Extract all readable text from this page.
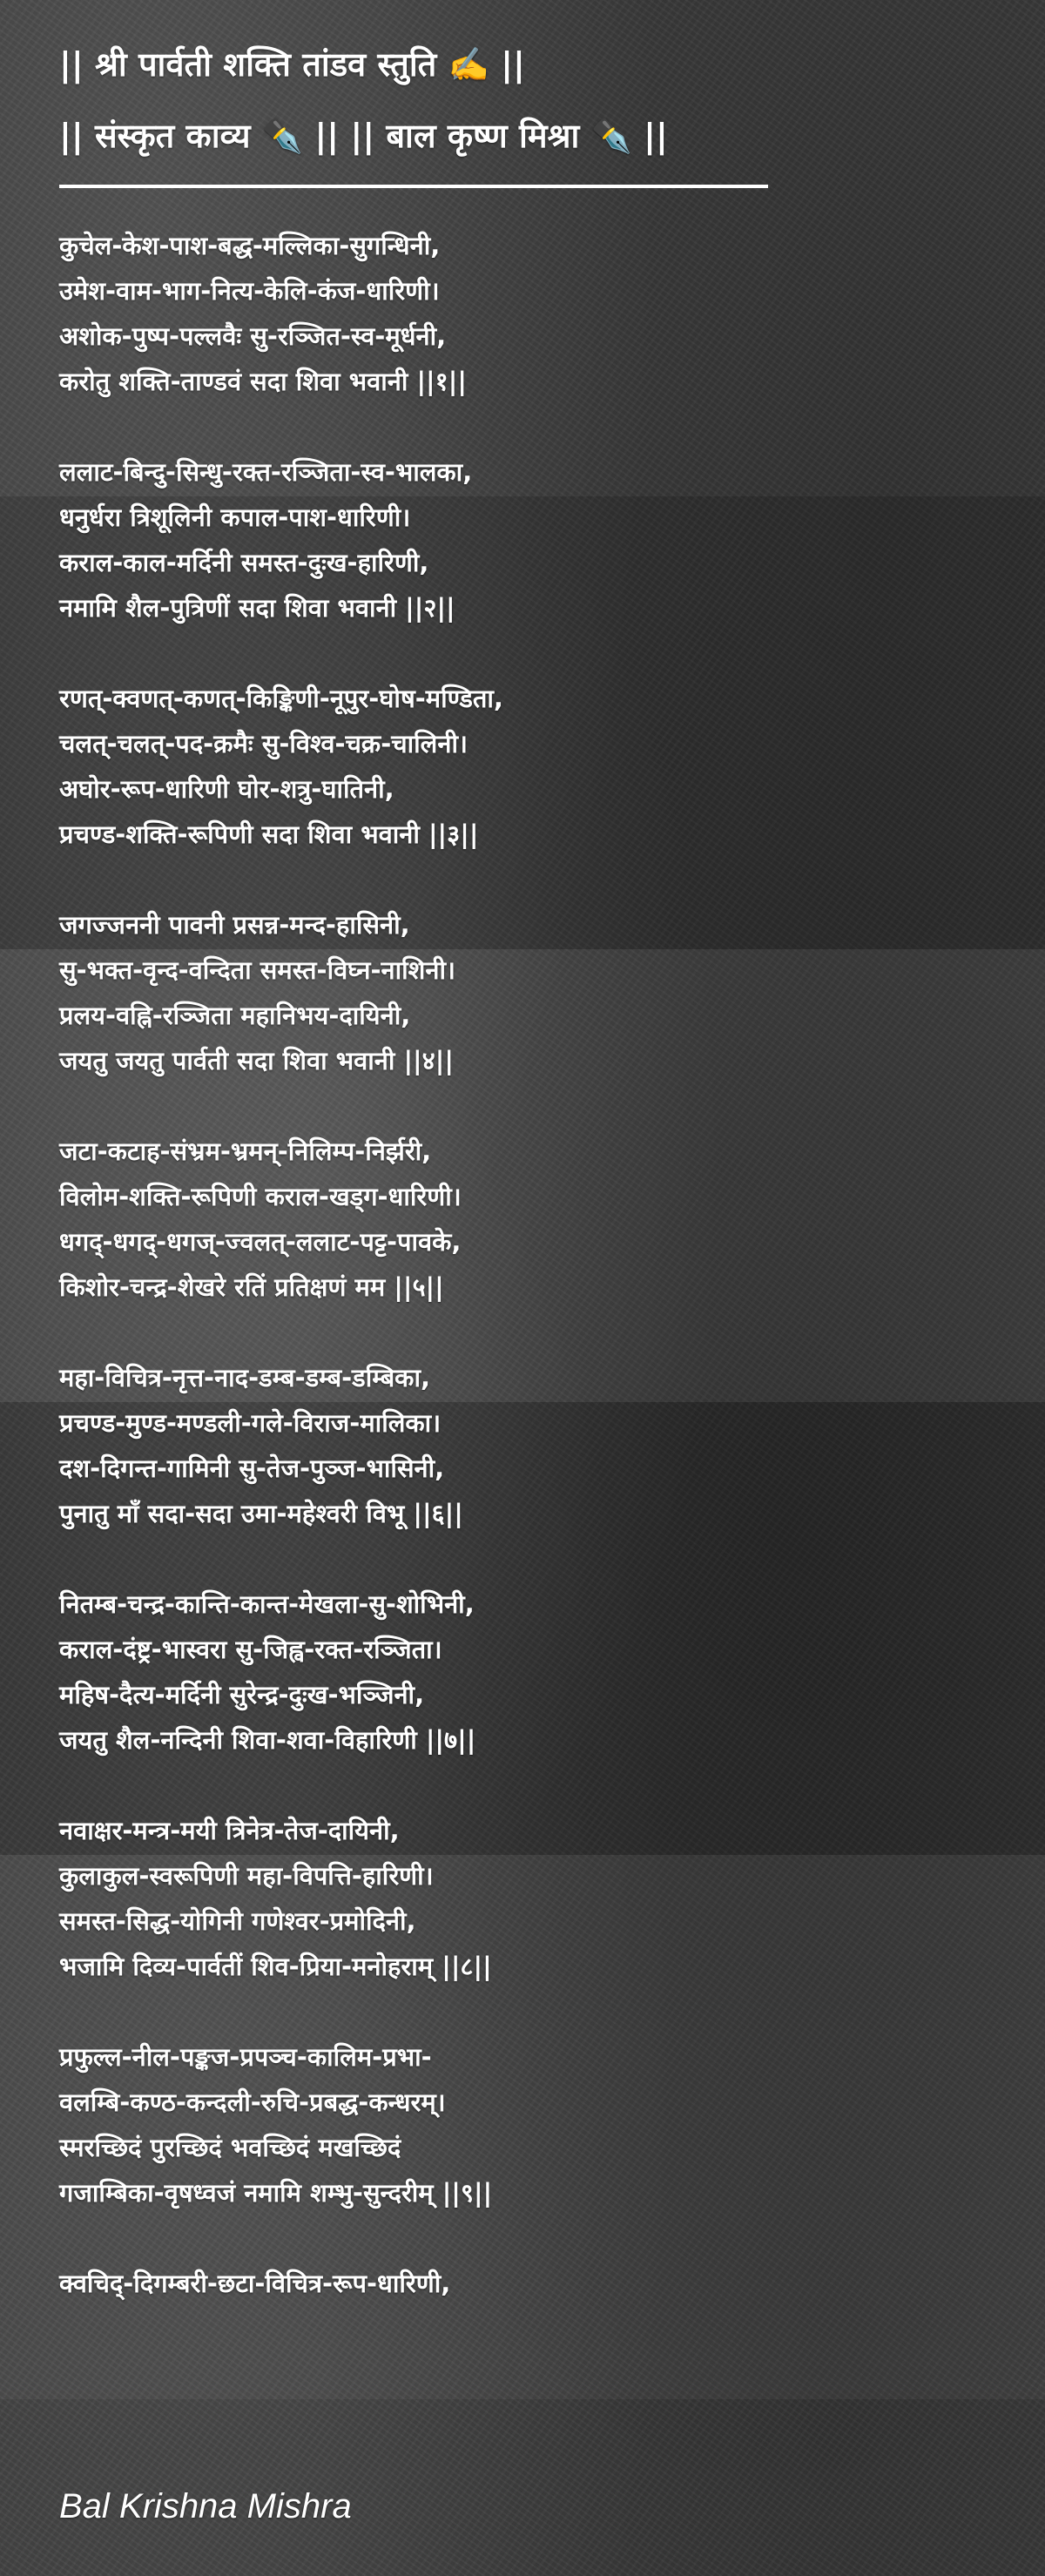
|| श्री पार्वती शक्ति तांडव स्तुति ✍️ ||
|| संस्कृत काव्य ✒️ || || बाल कृष्ण मिश्रा ✒️ ||
कुचेल-केश-पाश-बद्ध-मल्लिका-सुगन्धिनी,
उमेश-वाम-भाग-नित्य-केलि-कंज-धारिणी।
अशोक-पुष्प-पल्लवैः सु-रञ्जित-स्व-मूर्धनी,
करोतु शक्ति-ताण्डवं सदा शिवा भवानी ||१||
ललाट-बिन्दु-सिन्धु-रक्त-रञ्जिता-स्व-भालका,
धनुर्धरा त्रिशूलिनी कपाल-पाश-धारिणी।
कराल-काल-मर्दिनी समस्त-दुःख-हारिणी,
नमामि शैल-पुत्रिणीं सदा शिवा भवानी ||२||
रणत्-क्वणत्-कणत्-किङ्किणी-नूपुर-घोष-मण्डिता,
चलत्-चलत्-पद-क्रमैः सु-विश्व-चक्र-चालिनी।
अघोर-रूप-धारिणी घोर-शत्रु-घातिनी,
प्रचण्ड-शक्ति-रूपिणी सदा शिवा भवानी ||३||
जगज्जननी पावनी प्रसन्न-मन्द-हासिनी,
सु-भक्त-वृन्द-वन्दिता समस्त-विघ्न-नाशिनी।
प्रलय-वह्नि-रञ्जिता महानिभय-दायिनी,
जयतु जयतु पार्वती सदा शिवा भवानी ||४||
जटा-कटाह-संभ्रम-भ्रमन्-निलिम्प-निर्झरी,
विलोम-शक्ति-रूपिणी कराल-खड्ग-धारिणी।
धगद्-धगद्-धगज्-ज्वलत्-ललाट-पट्ट-पावके,
किशोर-चन्द्र-शेखरे रतिं प्रतिक्षणं मम ||५||
महा-विचित्र-नृत्त-नाद-डम्ब-डम्ब-डम्बिका,
प्रचण्ड-मुण्ड-मण्डली-गले-विराज-मालिका।
दश-दिगन्त-गामिनी सु-तेज-पुञ्ज-भासिनी,
पुनातु माँ सदा-सदा उमा-महेश्वरी विभू ||६||
नितम्ब-चन्द्र-कान्ति-कान्त-मेखला-सु-शोभिनी,
कराल-दंष्ट्र-भास्वरा सु-जिह्व-रक्त-रञ्जिता।
महिष-दैत्य-मर्दिनी सुरेन्द्र-दुःख-भञ्जिनी,
जयतु शैल-नन्दिनी शिवा-शवा-विहारिणी ||७||
नवाक्षर-मन्त्र-मयी त्रिनेत्र-तेज-दायिनी,
कुलाकुल-स्वरूपिणी महा-विपत्ति-हारिणी।
समस्त-सिद्ध-योगिनी गणेश्वर-प्रमोदिनी,
भजामि दिव्य-पार्वतीं शिव-प्रिया-मनोहराम् ||८||
प्रफुल्ल-नील-पङ्कज-प्रपञ्च-कालिम-प्रभा-
वलम्बि-कण्ठ-कन्दली-रुचि-प्रबद्ध-कन्धरम्।
स्मरच्छिदं पुरच्छिदं भवच्छिदं मखच्छिदं
गजाम्बिका-वृषध्वजं नमामि शम्भु-सुन्दरीम् ||९||
क्वचिद्-दिगम्बरी-छटा-विचित्र-रूप-धारिणी,
Bal Krishna Mishra
